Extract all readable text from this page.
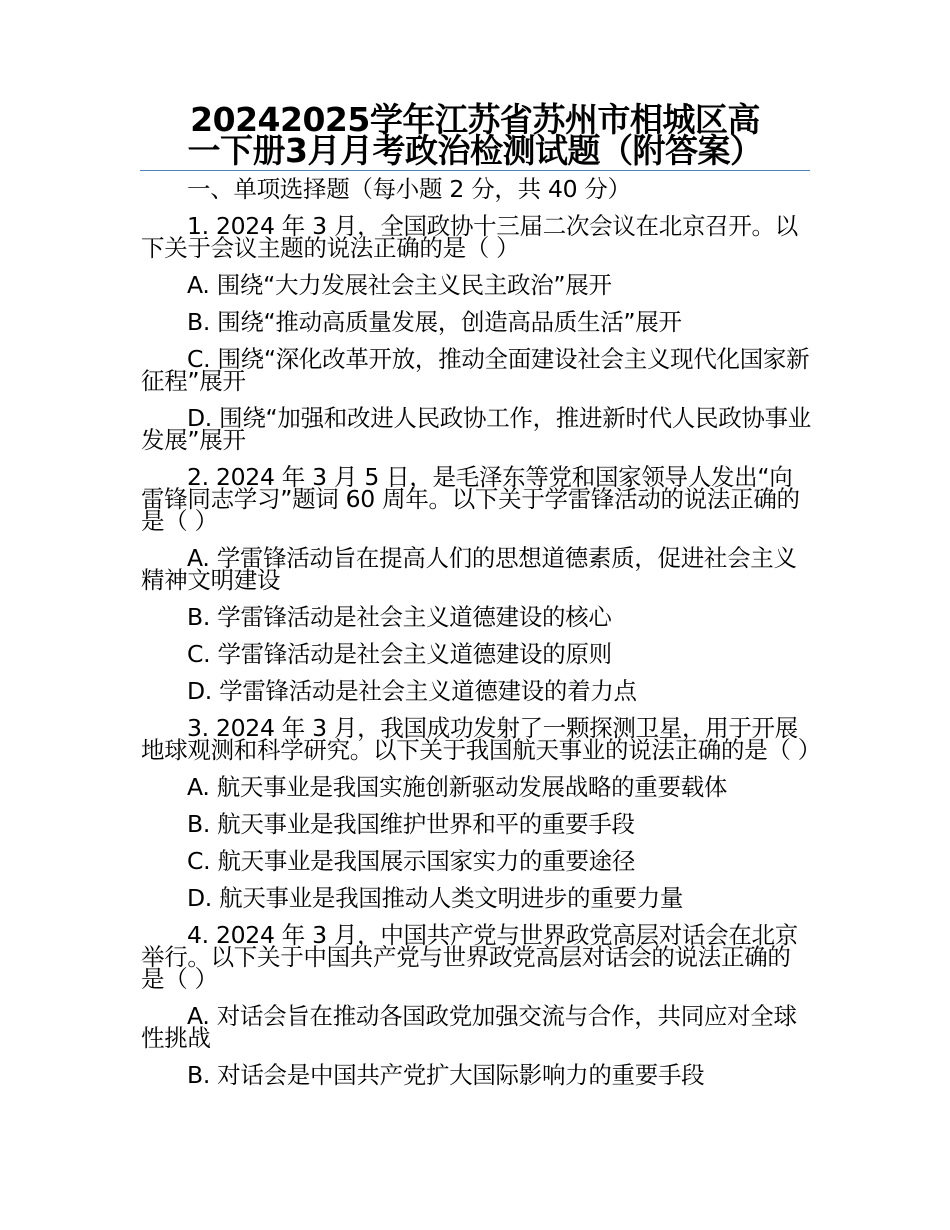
20242025学年江苏省苏州市相城区高
一下册3月月考政治检测试题（附答案）

一、单项选择题（每小题 2 分，共 40 分）

1. 2024 年 3 月，全国政协十三届二次会议在北京召开。以下关于会议主题的说法正确的是（ ）

A. 围绕“大力发展社会主义民主政治”展开

B. 围绕“推动高质量发展，创造高品质生活”展开

C. 围绕“深化改革开放，推动全面建设社会主义现代化国家新征程”展开

D. 围绕“加强和改进人民政协工作，推进新时代人民政协事业发展”展开

2. 2024 年 3 月 5 日，是毛泽东等党和国家领导人发出“向雷锋同志学习”题词 60 周年。以下关于学雷锋活动的说法正确的是（ ）

A. 学雷锋活动旨在提高人们的思想道德素质，促进社会主义精神文明建设

B. 学雷锋活动是社会主义道德建设的核心

C. 学雷锋活动是社会主义道德建设的原则

D. 学雷锋活动是社会主义道德建设的着力点

3. 2024 年 3 月，我国成功发射了一颗探测卫星，用于开展地球观测和科学研究。以下关于我国航天事业的说法正确的是（ ）

A. 航天事业是我国实施创新驱动发展战略的重要载体

B. 航天事业是我国维护世界和平的重要手段

C. 航天事业是我国展示国家实力的重要途径

D. 航天事业是我国推动人类文明进步的重要力量

4. 2024 年 3 月，中国共产党与世界政党高层对话会在北京举行。以下关于中国共产党与世界政党高层对话会的说法正确的是（ ）

A. 对话会旨在推动各国政党加强交流与合作，共同应对全球性挑战

B. 对话会是中国共产党扩大国际影响力的重要手段
